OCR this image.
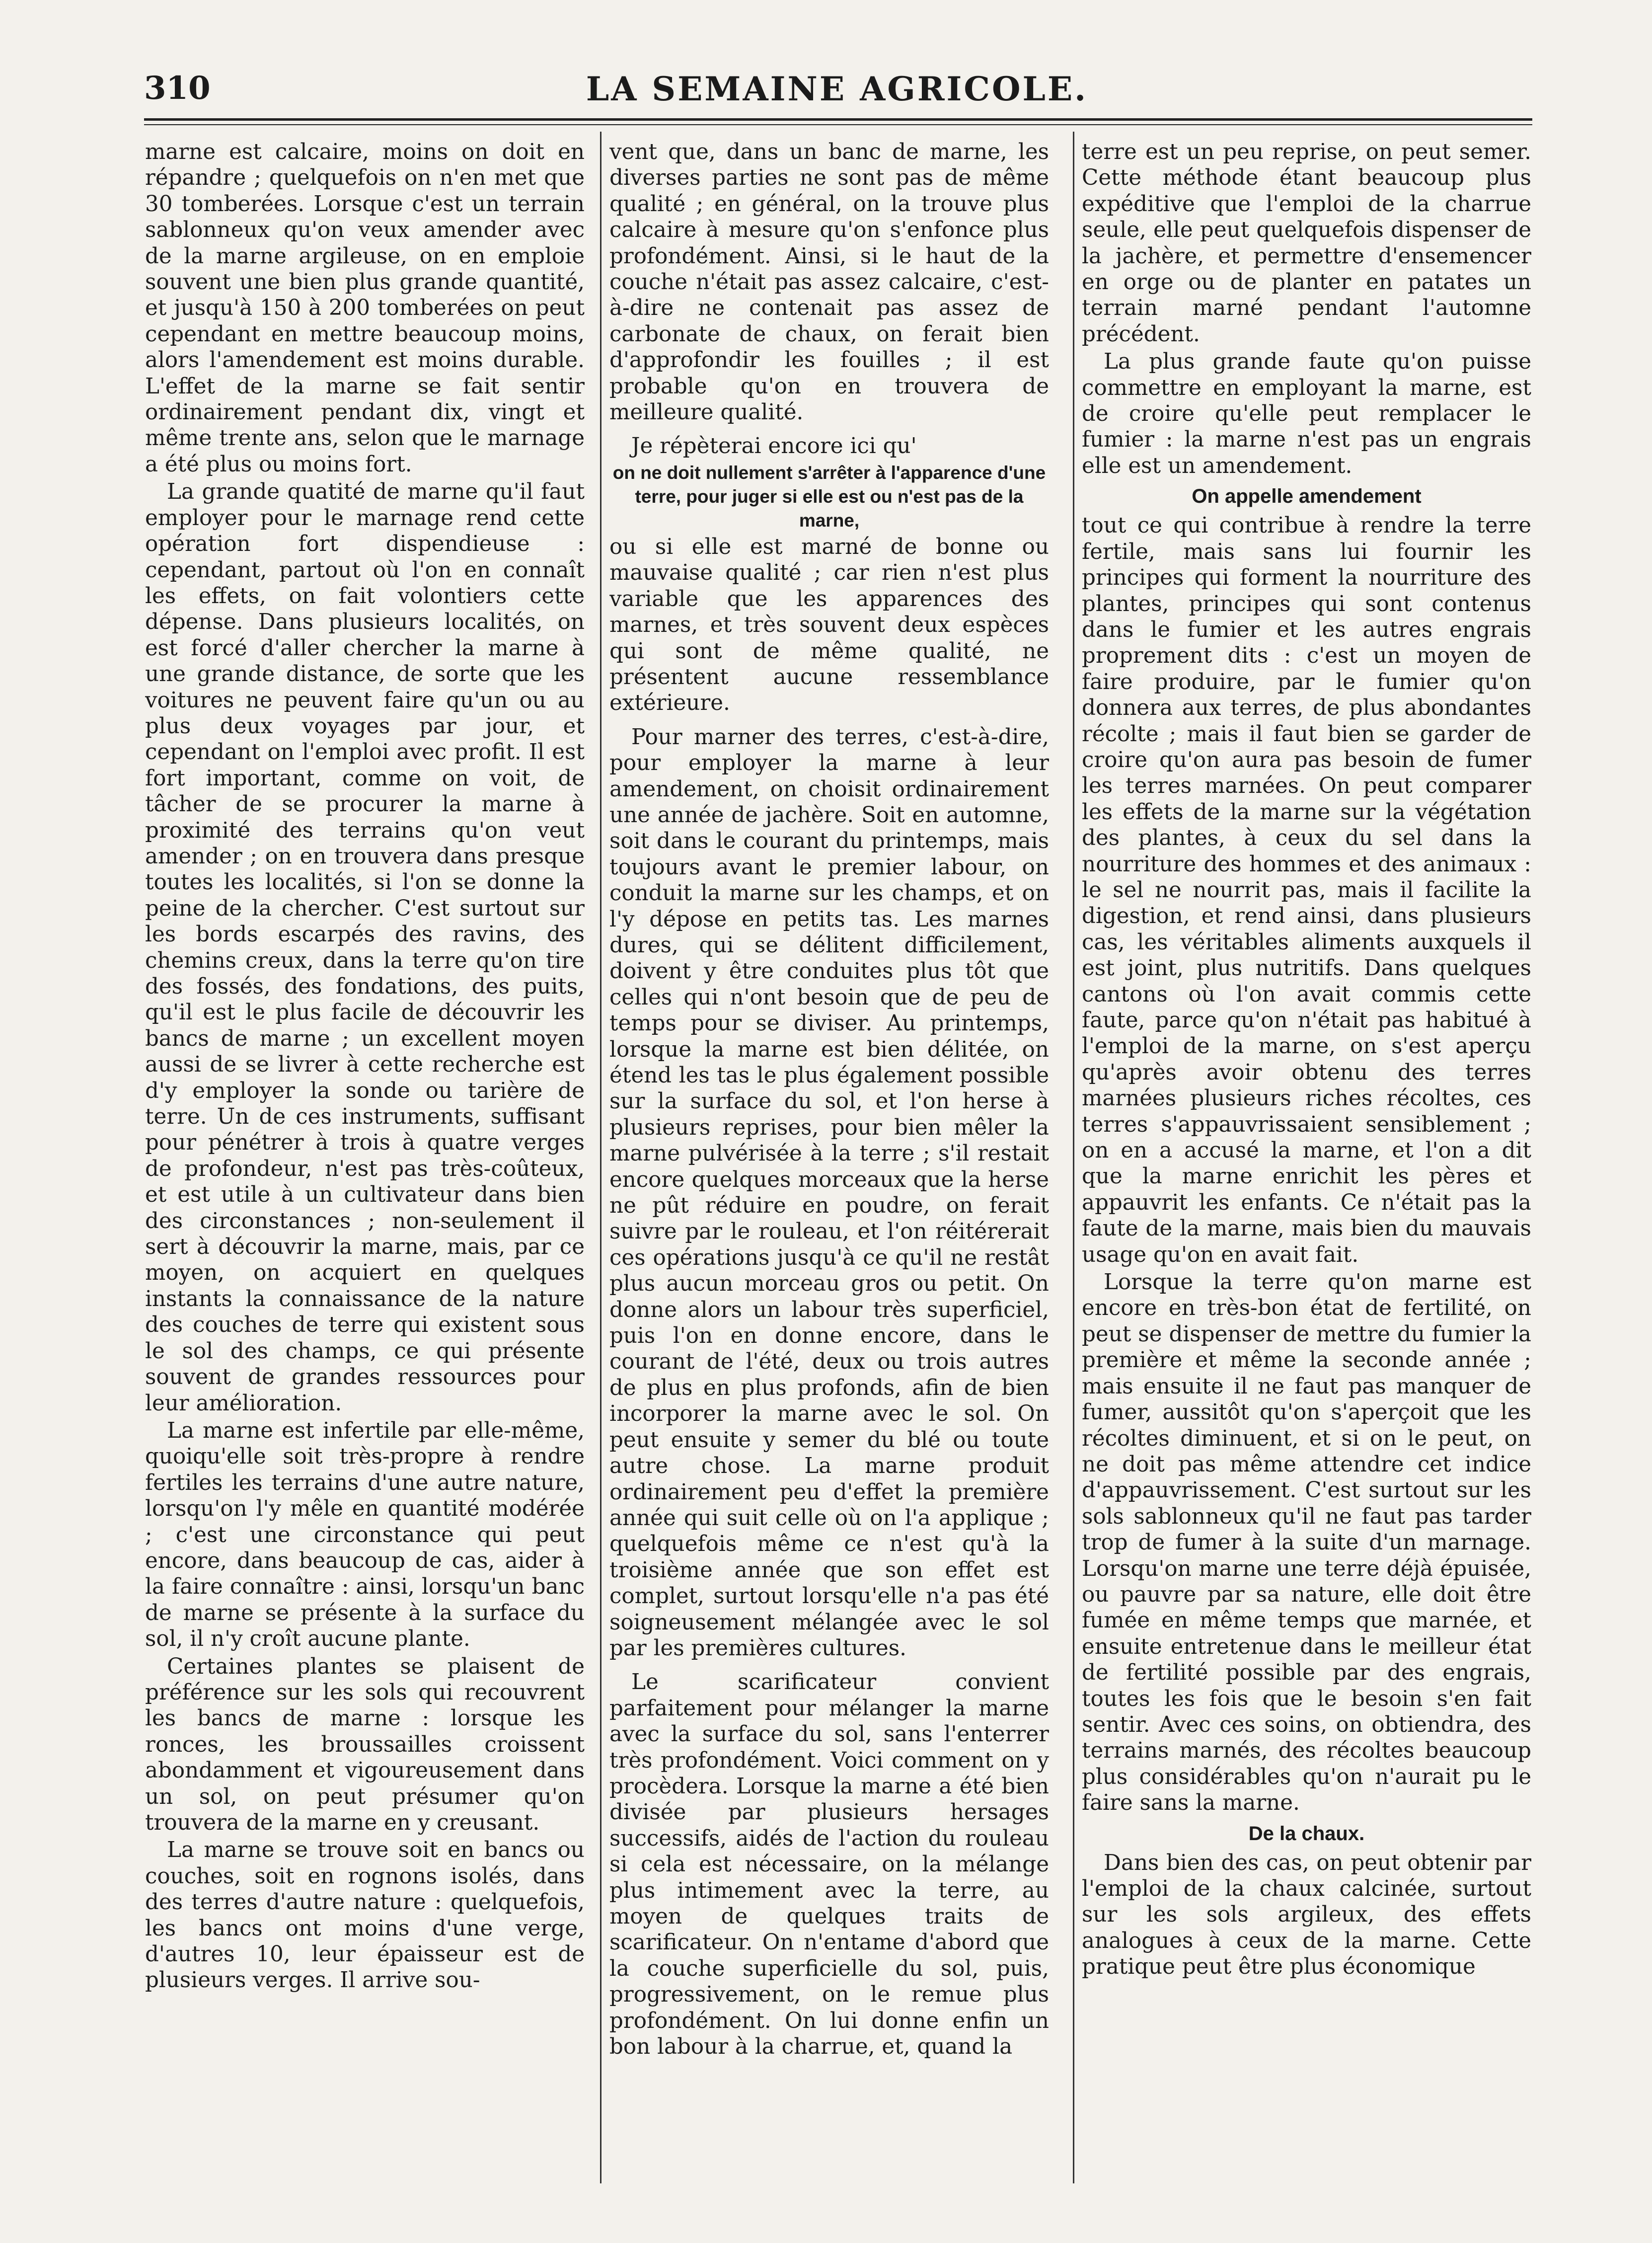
310	LA SEMAINE AGRICOLE.

marne est calcaire, moins on doit en répandre ; quelquefois on n'en met que 30 tomberées. Lorsque c'est un terrain sablonneux qu'on veux amender avec de la marne argileuse, on en emploie souvent une bien plus grande quantité, et jusqu'à 150 à 200 tomberées on peut cependant en mettre beaucoup moins, alors l'amendement est moins durable. L'effet de la marne se fait sentir ordinairement pendant dix, vingt et même trente ans, selon que le marnage a été plus ou moins fort.

La grande quatité de marne qu'il faut employer pour le marnage rend cette opération fort dispendieuse : cependant, partout où l'on en connaît les effets, on fait volontiers cette dépense. Dans plusieurs localités, on est forcé d'aller chercher la marne à une grande distance, de sorte que les voitures ne peuvent faire qu'un ou au plus deux voyages par jour, et cependant on l'emploi avec profit. Il est fort important, comme on voit, de tâcher de se procurer la marne à proximité des terrains qu'on veut amender ; on en trouvera dans presque toutes les localités, si l'on se donne la peine de la chercher. C'est surtout sur les bords escarpés des ravins, des chemins creux, dans la terre qu'on tire des fossés, des fondations, des puits, qu'il est le plus facile de découvrir les bancs de marne ; un excellent moyen aussi de se livrer à cette recherche est d'y employer la sonde ou tarière de terre. Un de ces instruments, suffisant pour pénétrer à trois à quatre verges de profondeur, n'est pas très-coûteux, et est utile à un cultivateur dans bien des circonstances ; non-seulement il sert à découvrir la marne, mais, par ce moyen, on acquiert en quelques instants la connaissance de la nature des couches de terre qui existent sous le sol des champs, ce qui présente souvent de grandes ressources pour leur amélioration.

La marne est infertile par elle-même, quoiqu'elle soit très-propre à rendre fertiles les terrains d'une autre nature, lorsqu'on l'y mêle en quantité modérée ; c'est une circonstance qui peut encore, dans beaucoup de cas, aider à la faire connaître : ainsi, lorsqu'un banc de marne se présente à la surface du sol, il n'y croît aucune plante.

Certaines plantes se plaisent de préférence sur les sols qui recouvrent les bancs de marne : lorsque les ronces, les broussailles croissent abondamment et vigoureusement dans un sol, on peut présumer qu'on trouvera de la marne en y creusant.

La marne se trouve soit en bancs ou couches, soit en rognons isolés, dans des terres d'autre nature : quelquefois, les bancs ont moins d'une verge, d'autres 10, leur épaisseur est de plusieurs verges. Il arrive sou-

vent que, dans un banc de marne, les diverses parties ne sont pas de même qualité ; en général, on la trouve plus calcaire à mesure qu'on s'enfonce plus profondément. Ainsi, si le haut de la couche n'était pas assez calcaire, c'est-à-dire ne contenait pas assez de carbonate de chaux, on ferait bien d'approfondir les fouilles ; il est probable qu'on en trouvera de meilleure qualité.

Je répèterai encore ici qu'

on ne doit nullement s'arrêter à l'apparence d'une terre, pour juger si elle est ou n'est pas de la marne,

ou si elle est marné de bonne ou mauvaise qualité ; car rien n'est plus variable que les apparences des marnes, et très souvent deux espèces qui sont de même qualité, ne présentent aucune ressemblance extérieure.

Pour marner des terres, c'est-à-dire, pour employer la marne à leur amendement, on choisit ordinairement une année de jachère. Soit en automne, soit dans le courant du printemps, mais toujours avant le premier labour, on conduit la marne sur les champs, et on l'y dépose en petits tas. Les marnes dures, qui se délitent difficilement, doivent y être conduites plus tôt que celles qui n'ont besoin que de peu de temps pour se diviser. Au printemps, lorsque la marne est bien délitée, on étend les tas le plus également possible sur la surface du sol, et l'on herse à plusieurs reprises, pour bien mêler la marne pulvérisée à la terre ; s'il restait encore quelques morceaux que la herse ne pût réduire en poudre, on ferait suivre par le rouleau, et l'on réitérerait ces opérations jusqu'à ce qu'il ne restât plus aucun morceau gros ou petit. On donne alors un labour très superficiel, puis l'on en donne encore, dans le courant de l'été, deux ou trois autres de plus en plus profonds, afin de bien incorporer la marne avec le sol. On peut ensuite y semer du blé ou toute autre chose. La marne produit ordinairement peu d'effet la première année qui suit celle où on l'a applique ; quelquefois même ce n'est qu'à la troisième année que son effet est complet, surtout lorsqu'elle n'a pas été soigneusement mélangée avec le sol par les premières cultures.

Le scarificateur convient parfaitement pour mélanger la marne avec la surface du sol, sans l'enterrer très profondément. Voici comment on y procèdera. Lorsque la marne a été bien divisée par plusieurs hersages successifs, aidés de l'action du rouleau si cela est nécessaire, on la mélange plus intimement avec la terre, au moyen de quelques traits de scarificateur. On n'entame d'abord que la couche superficielle du sol, puis, progressivement, on le remue plus profondément. On lui donne enfin un bon labour à la charrue, et, quand la

terre est un peu reprise, on peut semer. Cette méthode étant beaucoup plus expéditive que l'emploi de la charrue seule, elle peut quelquefois dispenser de la jachère, et permettre d'ensemencer en orge ou de planter en patates un terrain marné pendant l'automne précédent.

La plus grande faute qu'on puisse commettre en employant la marne, est de croire qu'elle peut remplacer le fumier : la marne n'est pas un engrais elle est un amendement.

On appelle amendement

tout ce qui contribue à rendre la terre fertile, mais sans lui fournir les principes qui forment la nourriture des plantes, principes qui sont contenus dans le fumier et les autres engrais proprement dits : c'est un moyen de faire produire, par le fumier qu'on donnera aux terres, de plus abondantes récolte ; mais il faut bien se garder de croire qu'on aura pas besoin de fumer les terres marnées. On peut comparer les effets de la marne sur la végétation des plantes, à ceux du sel dans la nourriture des hommes et des animaux : le sel ne nourrit pas, mais il facilite la digestion, et rend ainsi, dans plusieurs cas, les véritables aliments auxquels il est joint, plus nutritifs. Dans quelques cantons où l'on avait commis cette faute, parce qu'on n'était pas habitué à l'emploi de la marne, on s'est aperçu qu'après avoir obtenu des terres marnées plusieurs riches récoltes, ces terres s'appauvrissaient sensiblement ; on en a accusé la marne, et l'on a dit que la marne enrichit les pères et appauvrit les enfants. Ce n'était pas la faute de la marne, mais bien du mauvais usage qu'on en avait fait.

Lorsque la terre qu'on marne est encore en très-bon état de fertilité, on peut se dispenser de mettre du fumier la première et même la seconde année ; mais ensuite il ne faut pas manquer de fumer, aussitôt qu'on s'aperçoit que les récoltes diminuent, et si on le peut, on ne doit pas même attendre cet indice d'appauvrissement. C'est surtout sur les sols sablonneux qu'il ne faut pas tarder trop de fumer à la suite d'un marnage. Lorsqu'on marne une terre déjà épuisée, ou pauvre par sa nature, elle doit être fumée en même temps que marnée, et ensuite entretenue dans le meilleur état de fertilité possible par des engrais, toutes les fois que le besoin s'en fait sentir. Avec ces soins, on obtiendra, des terrains marnés, des récoltes beaucoup plus considérables qu'on n'aurait pu le faire sans la marne.

De la chaux.

Dans bien des cas, on peut obtenir par l'emploi de la chaux calcinée, surtout sur les sols argileux, des effets analogues à ceux de la marne. Cette pratique peut être plus économique
